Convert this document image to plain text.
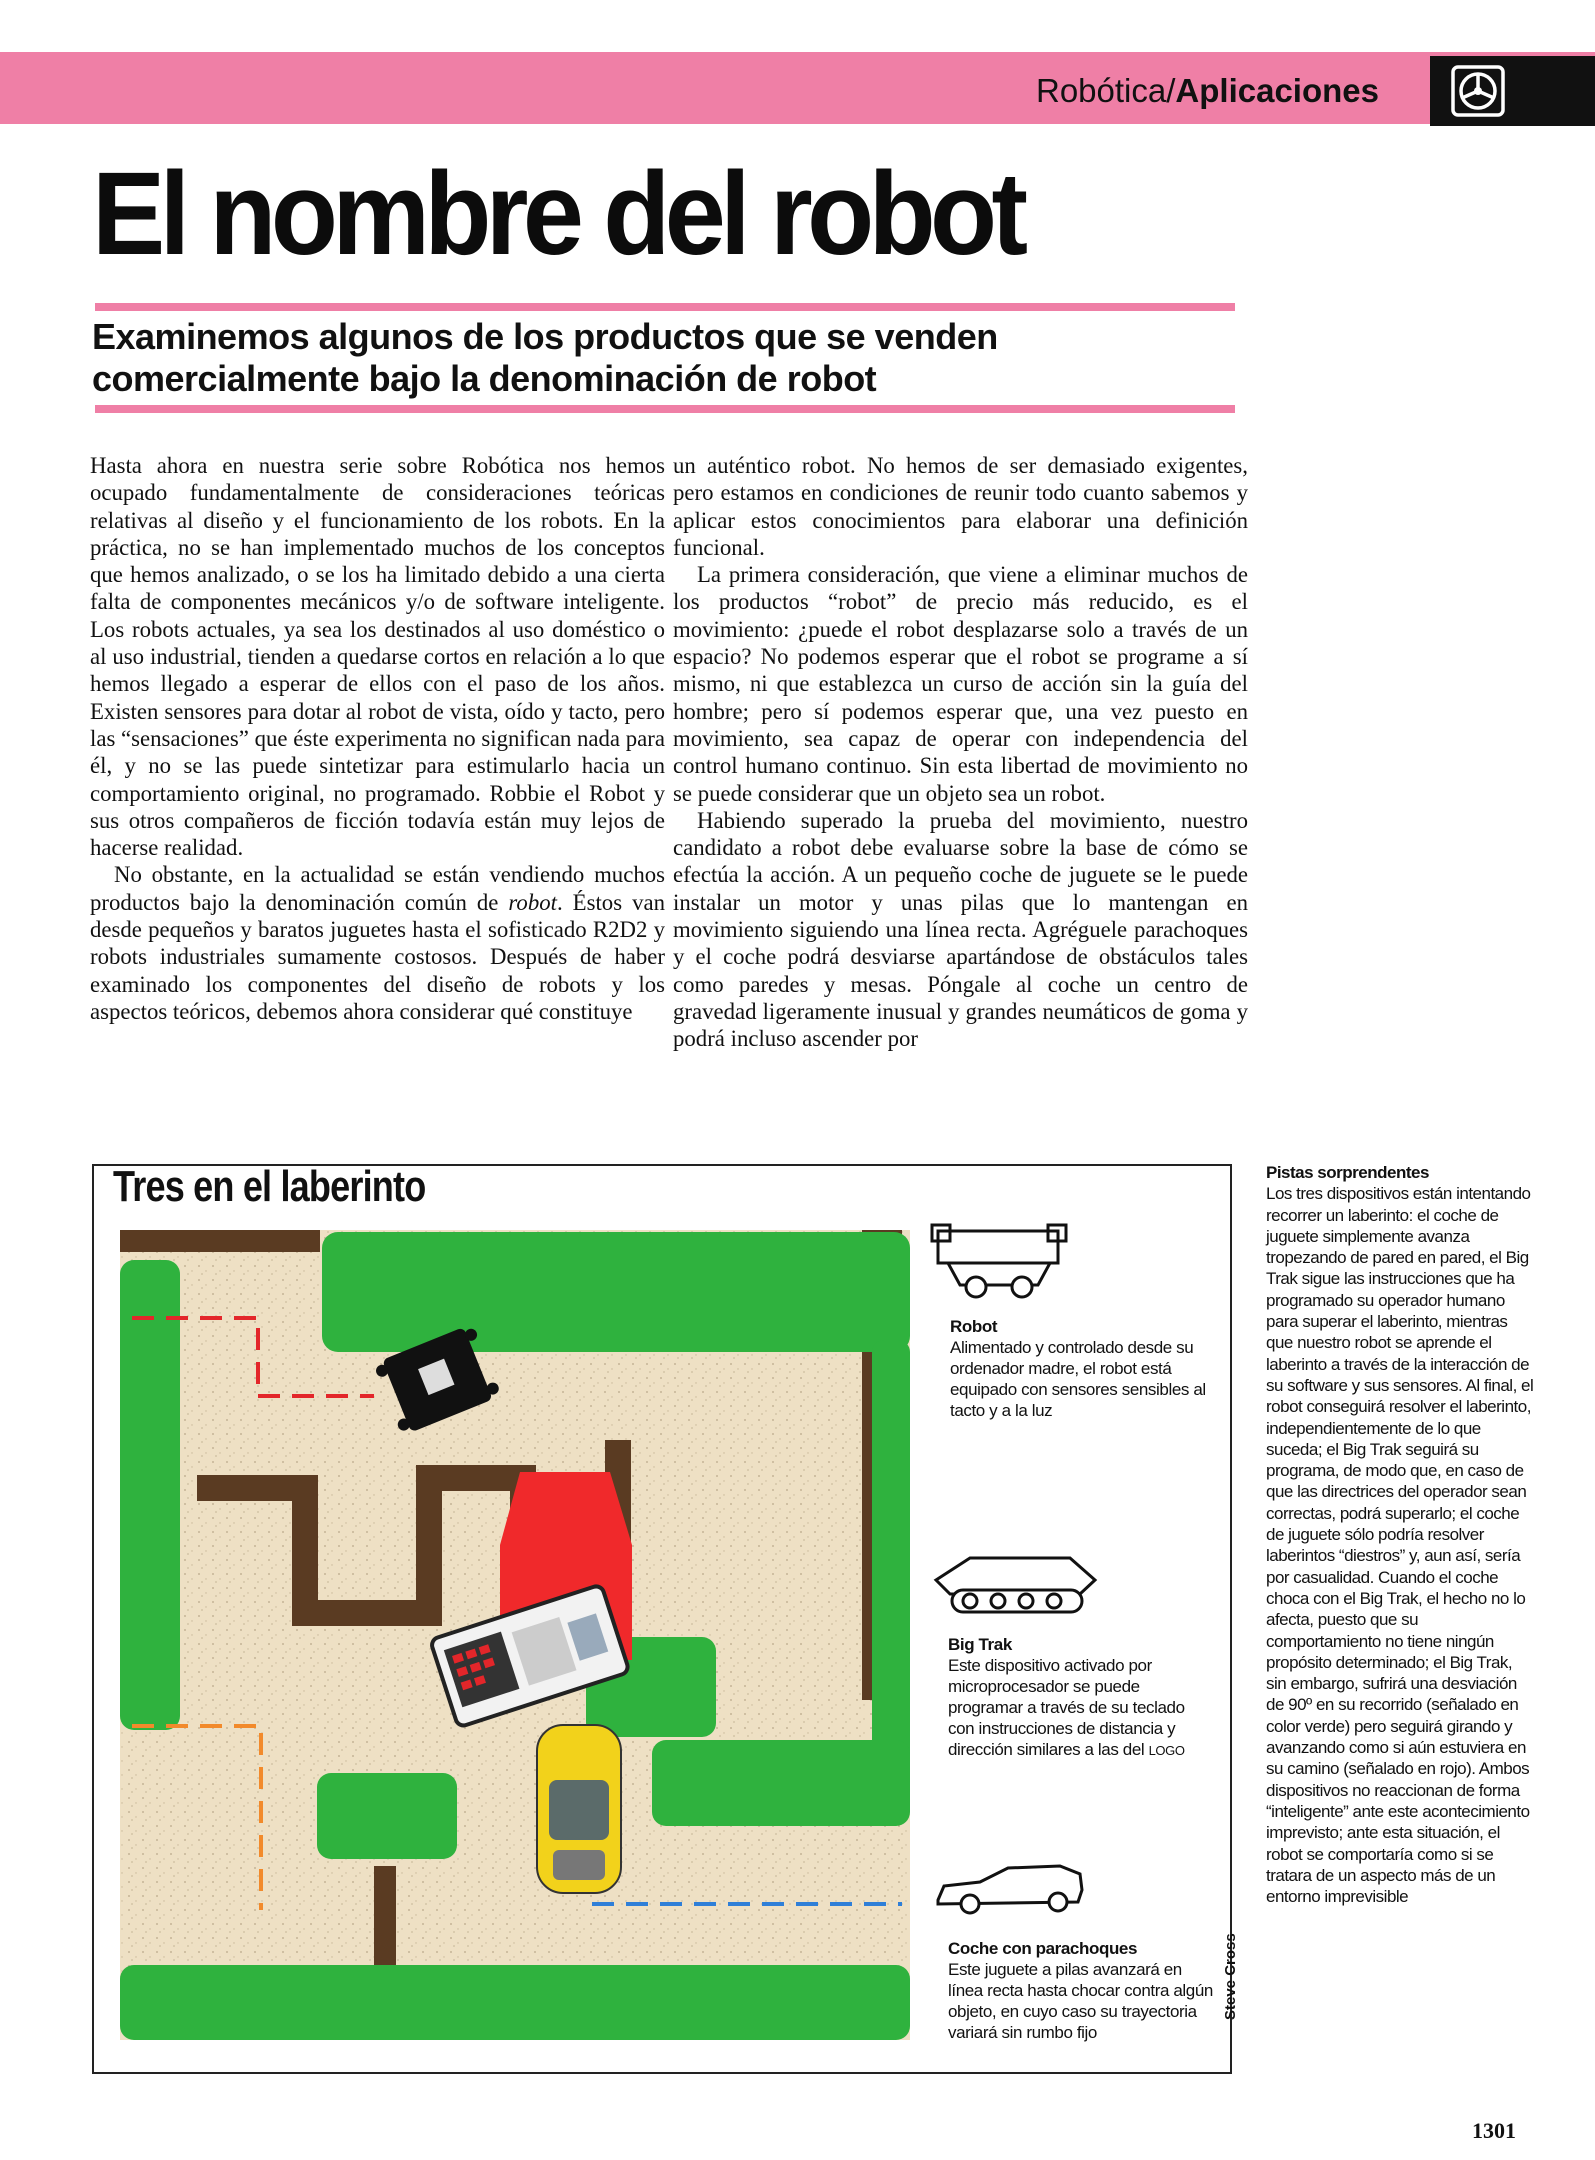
Robótica/Aplicaciones
El nombre del robot
Examinemos algunos de los productos que se venden
comercialmente bajo la denominación de robot

Hasta ahora en nuestra serie sobre Robótica nos hemos ocupado fundamentalmente de consideraciones teóricas relativas al diseño y el funcionamiento de los robots. En la práctica, no se han implementado muchos de los conceptos que hemos analizado, o se los ha limitado debido a una cierta falta de componentes mecánicos y/o de software inteligente. Los robots actuales, ya sea los destinados al uso doméstico o al uso industrial, tienden a quedarse cortos en relación a lo que hemos llegado a esperar de ellos con el paso de los años. Existen sensores para dotar al robot de vista, oído y tacto, pero las “sensaciones” que éste experimenta no significan nada para él, y no se las puede sintetizar para estimularlo hacia un comportamiento original, no programado. Robbie el Robot y sus otros compañeros de ficción todavía están muy lejos de hacerse realidad.

No obstante, en la actualidad se están vendiendo muchos productos bajo la denominación común de robot. Éstos van desde pequeños y baratos juguetes hasta el sofisticado R2D2 y robots industriales sumamente costosos. Después de haber examinado los componentes del diseño de robots y los aspectos teóricos, debemos ahora considerar qué constituye

un auténtico robot. No hemos de ser demasiado exigentes, pero estamos en condiciones de reunir todo cuanto sabemos y aplicar estos conocimientos para elaborar una definición funcional.

La primera consideración, que viene a eliminar muchos de los productos “robot” de precio más reducido, es el movimiento: ¿puede el robot desplazarse solo a través de un espacio? No podemos esperar que el robot se programe a sí mismo, ni que establezca un curso de acción sin la guía del hombre; pero sí podemos esperar que, una vez puesto en movimiento, sea capaz de operar con independencia del control humano continuo. Sin esta libertad de movimiento no se puede considerar que un objeto sea un robot.

Habiendo superado la prueba del movimiento, nuestro candidato a robot debe evaluarse sobre la base de cómo se efectúa la acción. A un pequeño coche de juguete se le puede instalar un motor y unas pilas que lo mantengan en movimiento siguiendo una línea recta. Agréguele parachoques y el coche podrá desviarse apartándose de obstáculos tales como paredes y mesas. Póngale al coche un centro de gravedad ligeramente inusual y grandes neumáticos de goma y podrá incluso ascender por

Tres en el laberinto
Robot
Alimentado y controlado desde su ordenador madre, el robot está equipado con sensores sensibles al tacto y a la luz
Big Trak
Este dispositivo activado por microprocesador se puede programar a través de su teclado con instrucciones de distancia y dirección similares a las del LOGO
Coche con parachoques
Este juguete a pilas avanzará en línea recta hasta chocar contra algún objeto, en cuyo caso su trayectoria variará sin rumbo fijo
Steve Cross
Pistas sorprendentes
Los tres dispositivos están intentando recorrer un laberinto: el coche de juguete simplemente avanza tropezando de pared en pared, el Big Trak sigue las instrucciones que ha programado su operador humano para superar el laberinto, mientras que nuestro robot se aprende el laberinto a través de la interacción de su software y sus sensores. Al final, el robot conseguirá resolver el laberinto, independientemente de lo que suceda; el Big Trak seguirá su programa, de modo que, en caso de que las directrices del operador sean correctas, podrá superarlo; el coche de juguete sólo podría resolver laberintos “diestros” y, aun así, sería por casualidad. Cuando el coche choca con el Big Trak, el hecho no lo afecta, puesto que su comportamiento no tiene ningún propósito determinado; el Big Trak, sin embargo, sufrirá una desviación de 90º en su recorrido (señalado en color verde) pero seguirá girando y avanzando como si aún estuviera en su camino (señalado en rojo). Ambos dispositivos no reaccionan de forma “inteligente” ante este acontecimiento imprevisto; ante esta situación, el robot se comportaría como si se tratara de un aspecto más de un entorno imprevisible
1301
